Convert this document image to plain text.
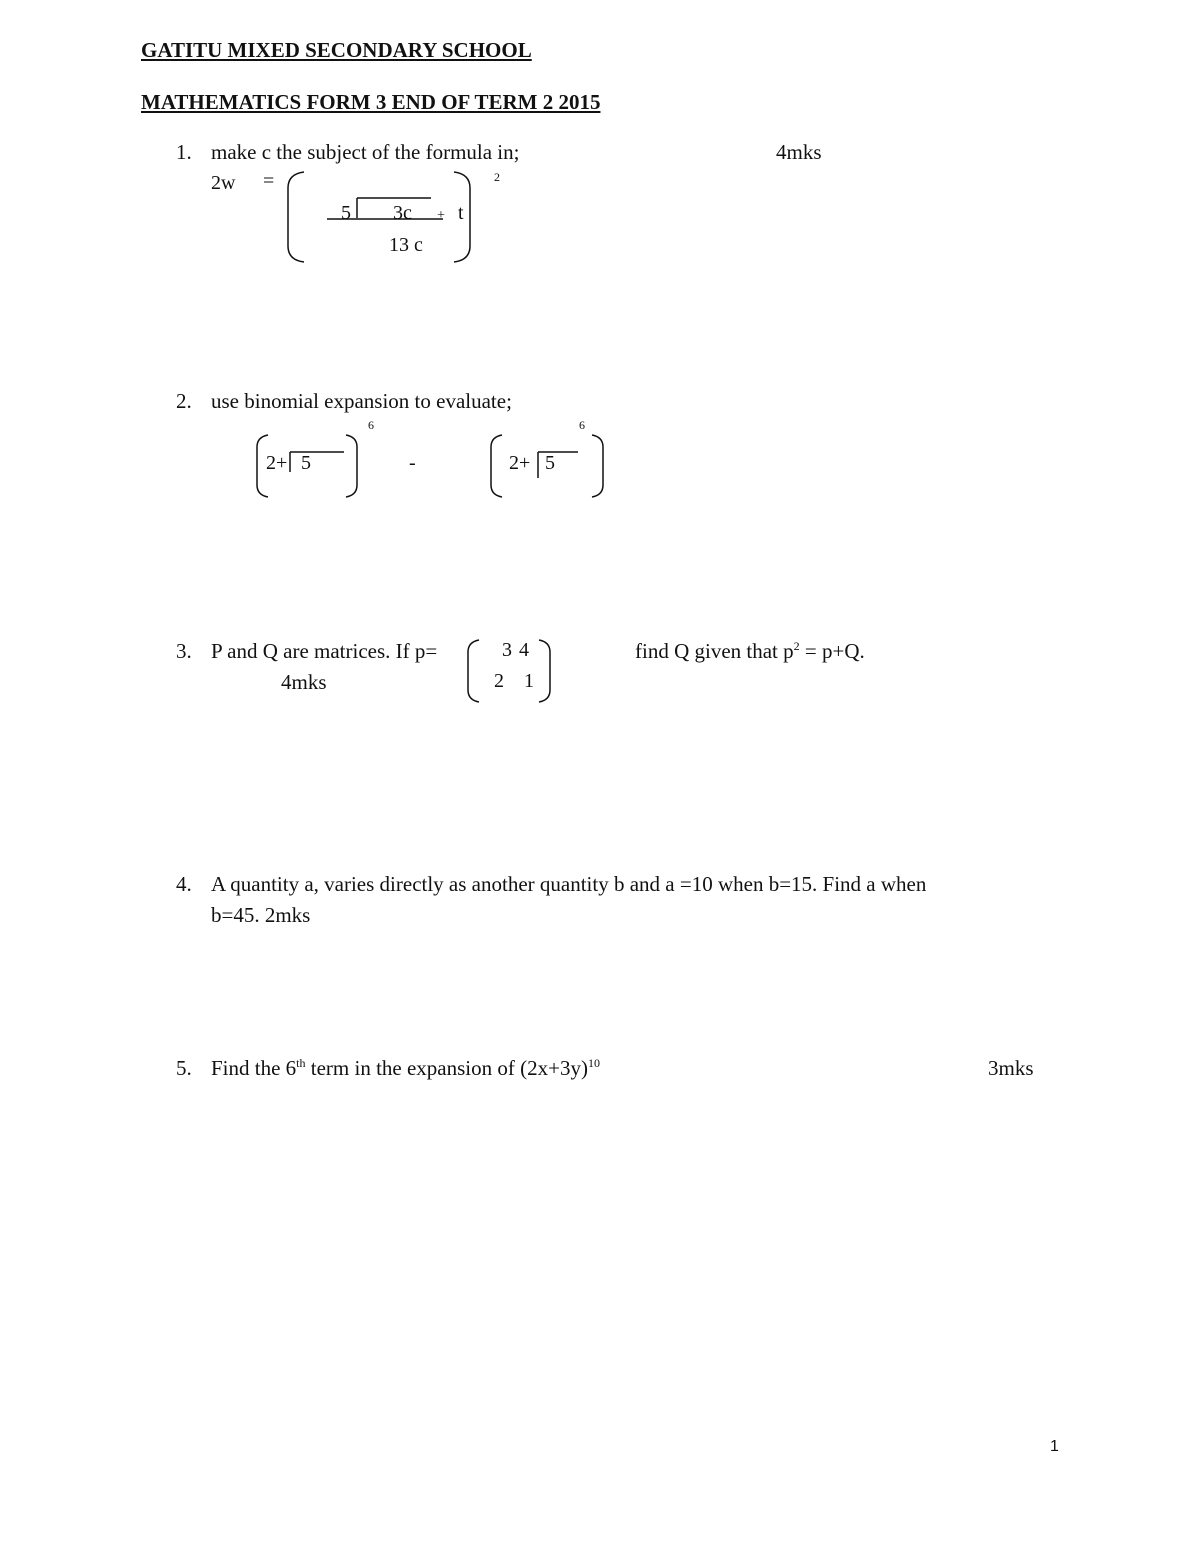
GATITU MIXED SECONDARY SCHOOL
MATHEMATICS FORM 3 END OF TERM 2 2015
1. make c the subject of the formula in;	4mks
2w =
5 3c + t
13 c
2
2. use binomial expansion to evaluate;
2+ 5
6
-	2+ 5
6
3. P and Q are matrices. If p=	3 4
2 1
find Q given that $p^2 = p+Q$.
4mks
4. A quantity a, varies directly as another quantity b and a =10 when b=15. Find a when
b=45. 2mks
5. Find the 6th term in the expansion of $(2x+3y)^{10}$	3mks
1
